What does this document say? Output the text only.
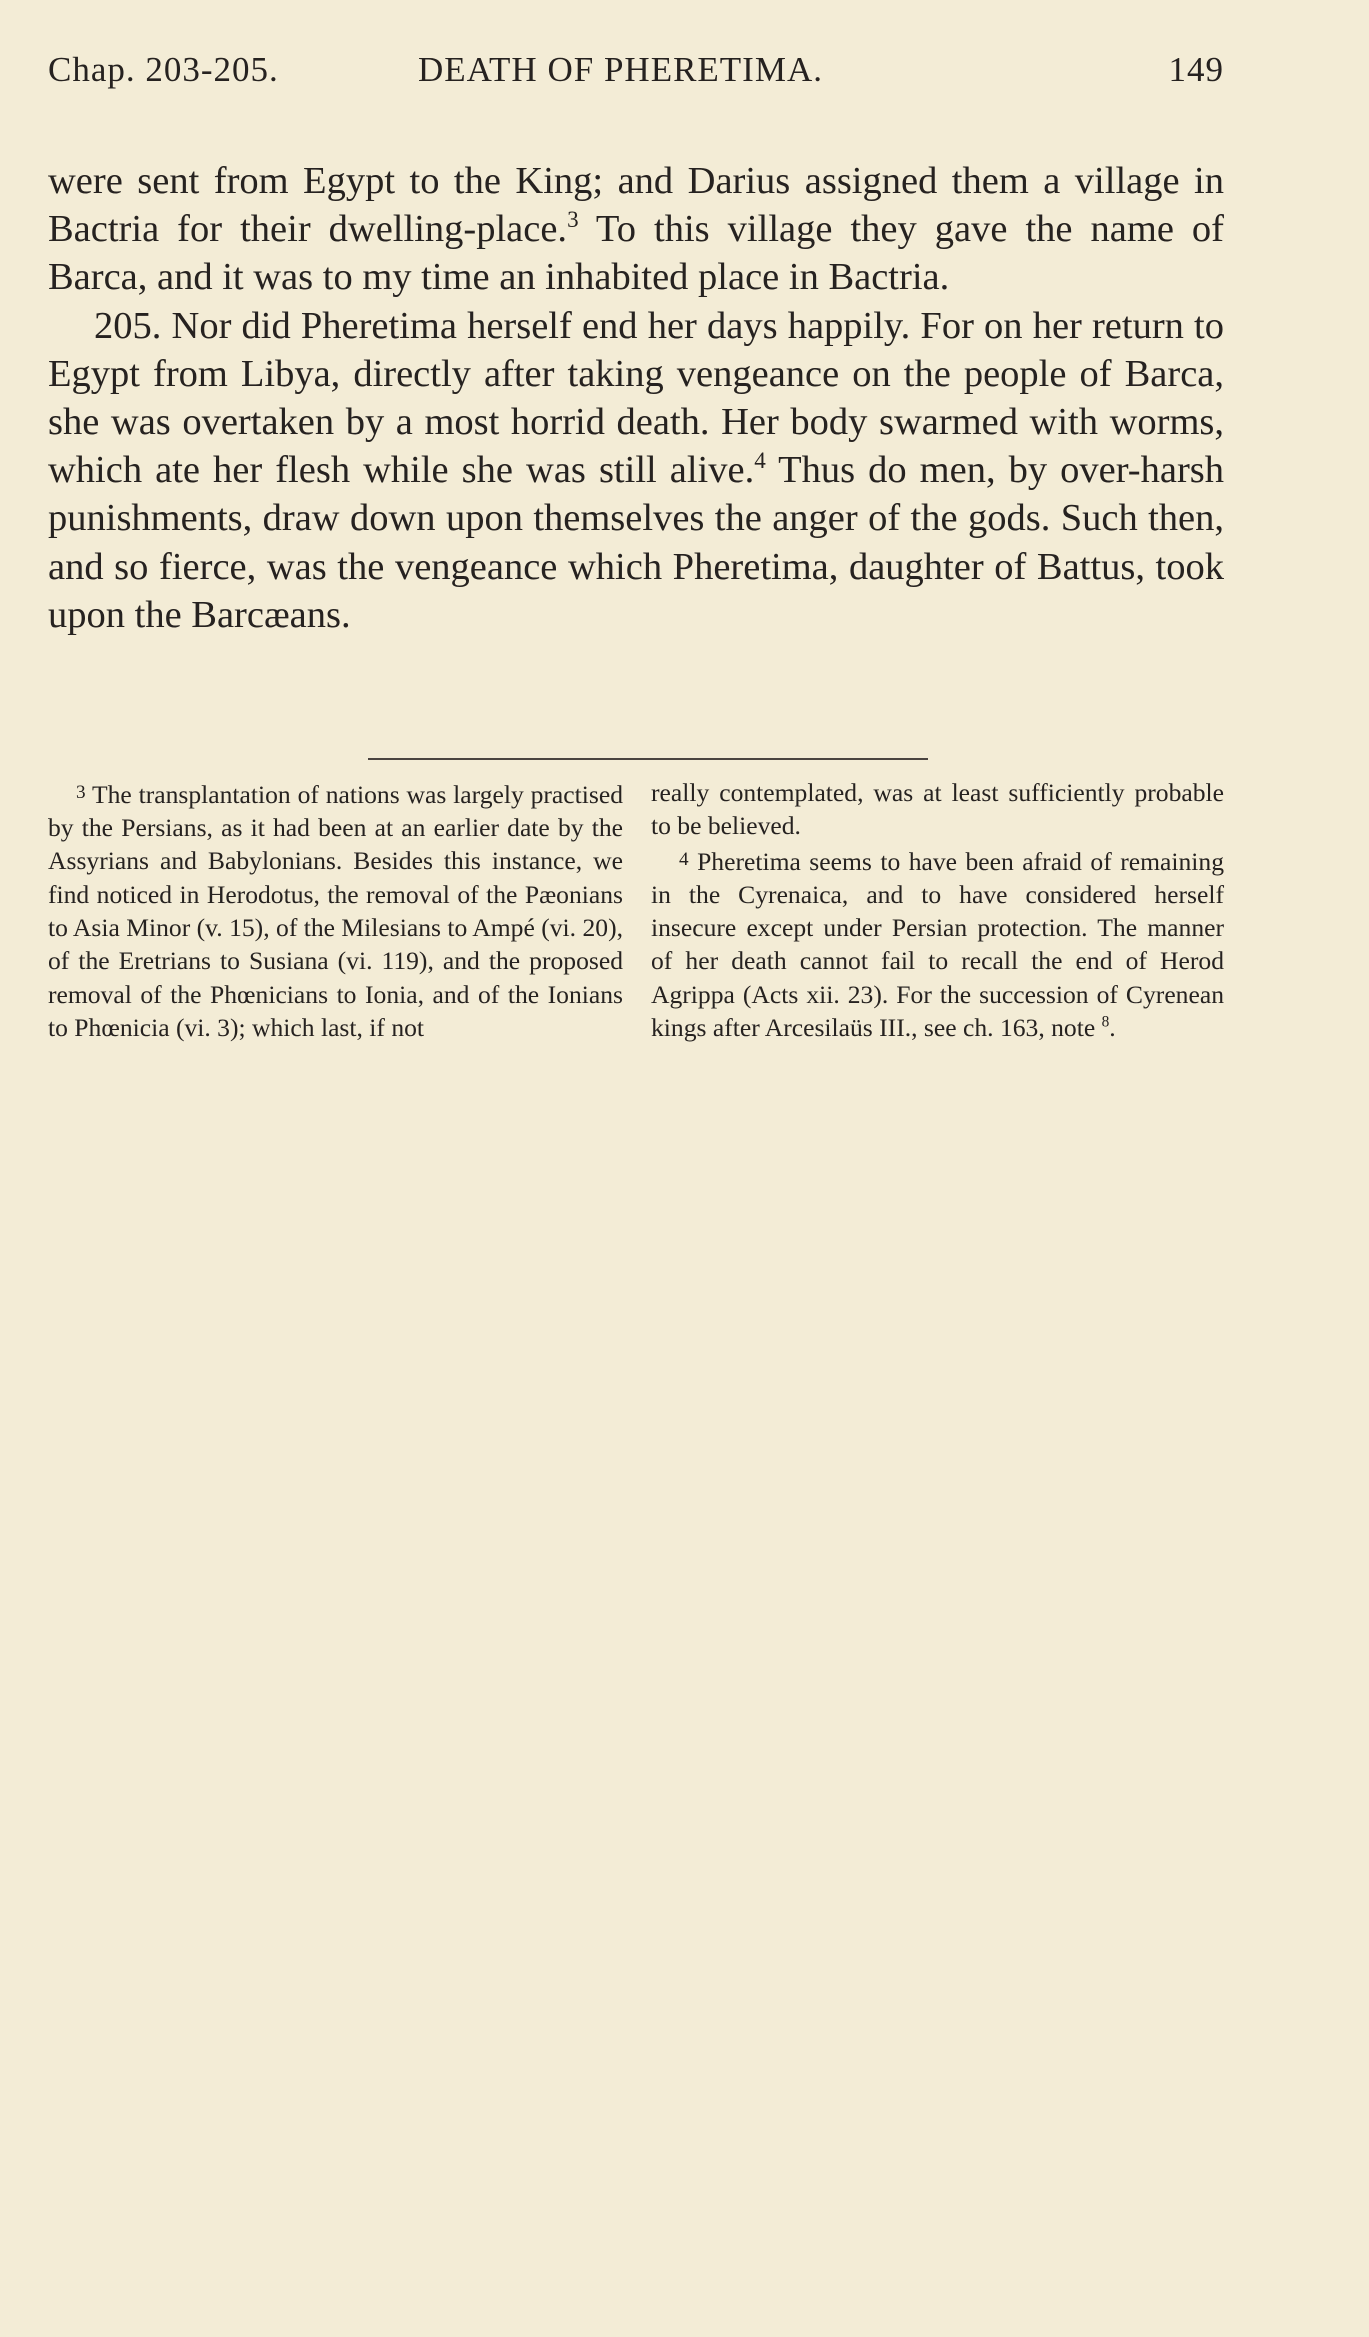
Chap. 203-205.	DEATH OF PHERETIMA.	149

were sent from Egypt to the King; and Darius assigned them a village in Bactria for their dwelling-place.$^3$ To this village they gave the name of Barca, and it was to my time an inhabited place in Bactria.

205. Nor did Pheretima herself end her days happily. For on her return to Egypt from Libya, directly after taking vengeance on the people of Barca, she was overtaken by a most horrid death. Her body swarmed with worms, which ate her flesh while she was still alive.$^4$ Thus do men, by over-harsh punishments, draw down upon themselves the anger of the gods. Such then, and so fierce, was the vengeance which Pheretima, daughter of Battus, took upon the Barcæans.

3 The transplantation of nations was largely practised by the Persians, as it had been at an earlier date by the Assyrians and Babylonians. Besides this instance, we find noticed in Herodotus, the removal of the Pæonians to Asia Minor (v. 15), of the Milesians to Ampé (vi. 20), of the Eretrians to Susiana (vi. 119), and the proposed removal of the Phœnicians to Ionia, and of the Ionians to Phœnicia (vi. 3); which last, if not

really contemplated, was at least sufficiently probable to be believed.

4 Pheretima seems to have been afraid of remaining in the Cyrenaica, and to have considered herself insecure except under Persian protection. The manner of her death cannot fail to recall the end of Herod Agrippa (Acts xii. 23). For the succession of Cyrenean kings after Arcesilaüs III., see ch. 163, note $^8$.
